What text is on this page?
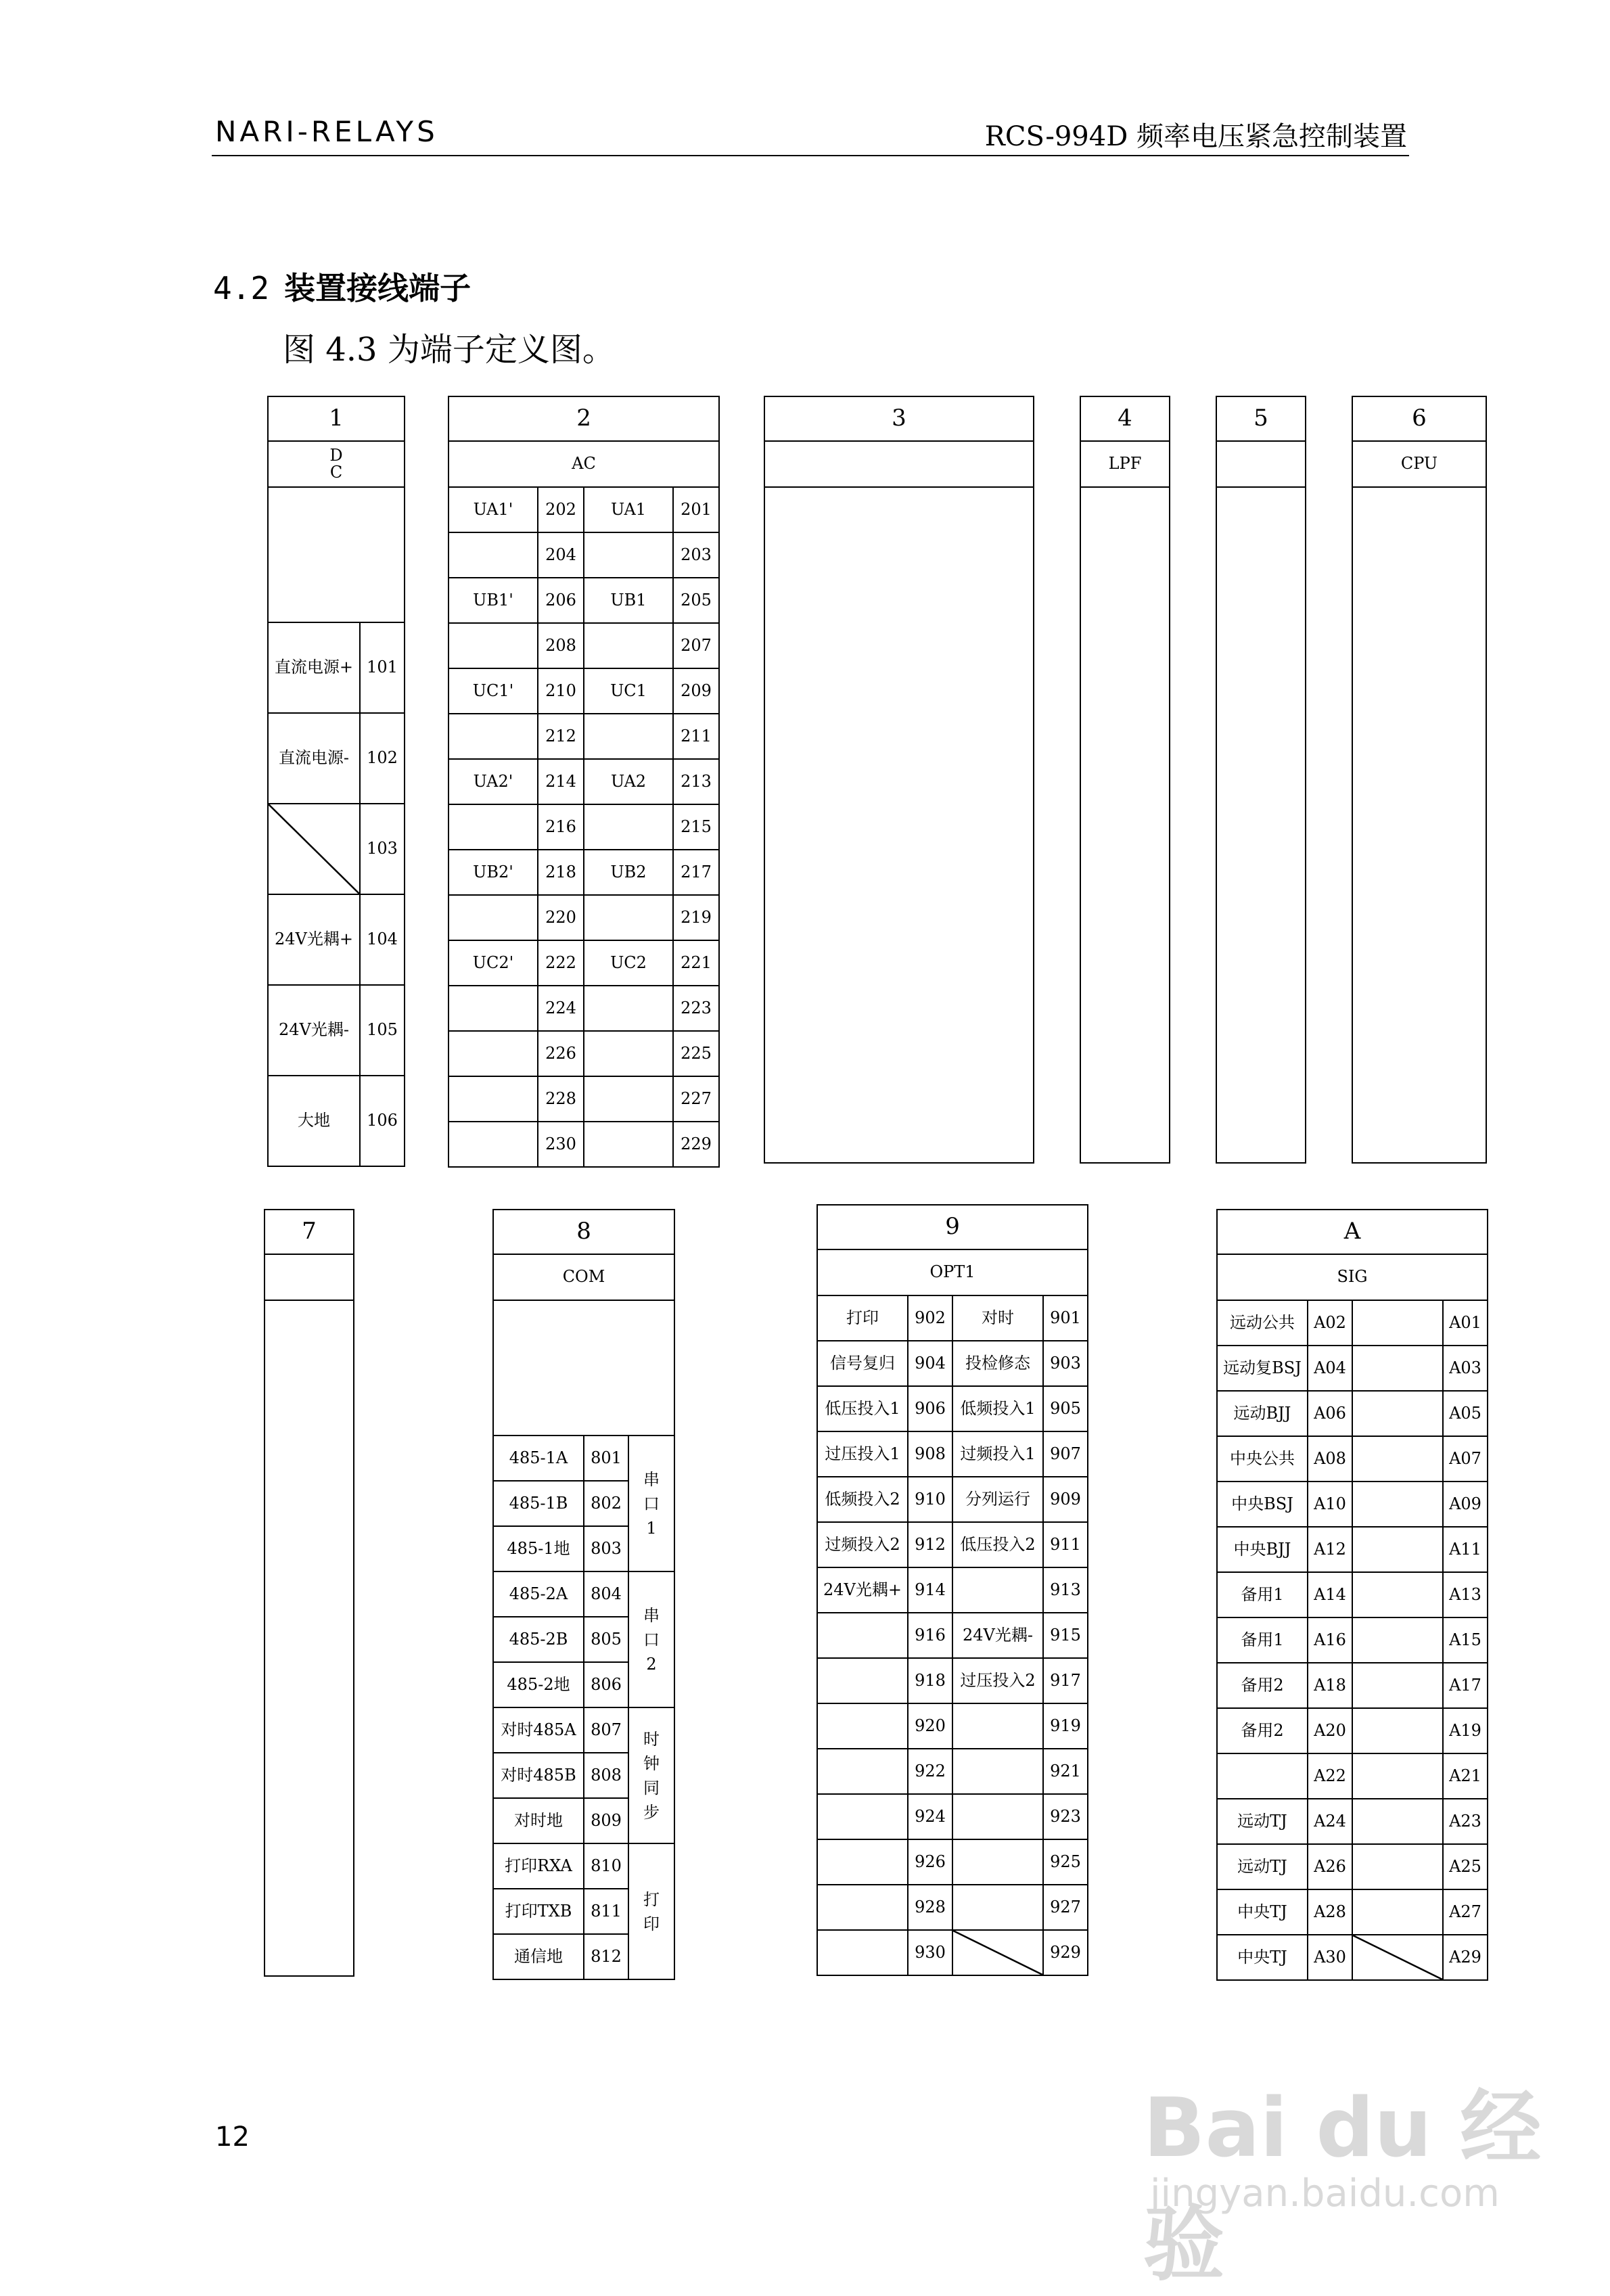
NARI-RELAYS	RCS-994D 频率电压紧急控制装置
4.2 装置接线端子
图 4.3 为端子定义图。
1	
D
C	

直流电源+	101
直流电源-	102
	103
24V光耦+	104
24V光耦-	105
大地	106
2			
AC			
UA1'	202	UA1	201
	204		203
UB1'	206	UB1	205
	208		207
UC1'	210	UC1	209
	212		211
UA2'	214	UA2	213
	216		215
UB2'	218	UB2	217
	220		219
UC2'	222	UC2	221
	224		223
	226		225
	228		227
	230		229
3	4
LPF
5	6
CPU
7	8		
COM		

485-1A	801	串口1
485-1B	802	
485-1地	803	
485-2A	804	串口2
485-2B	805	
485-2地	806	
对时485A	807	时钟同步
对时485B	808	
对时地	809	
打印RXA	810	打印
打印TXB	811	
通信地	812	
9			
OPT1			
打印	902	对时	901
信号复归	904	投检修态	903
低压投入1	906	低频投入1	905
过压投入1	908	过频投入1	907
低频投入2	910	分列运行	909
过频投入2	912	低压投入2	911
24V光耦+	914		913
	916	24V光耦-	915
	918	过压投入2	917
	920		919
	922		921
	924		923
	926		925
	928		927
	930		929
A			
SIG			
远动公共	A02		A01
远动复BSJ	A04		A03
远动BJJ	A06		A05
中央公共	A08		A07
中央BSJ	A10		A09
中央BJJ	A12		A11
备用1	A14		A13
备用1	A16		A15
备用2	A18		A17
备用2	A20		A19
	A22		A21
远动TJ	A24		A23
远动TJ	A26		A25
中央TJ	A28		A27
中央TJ	A30		A29
12	Bai du 经验
jingyan.baidu.com
